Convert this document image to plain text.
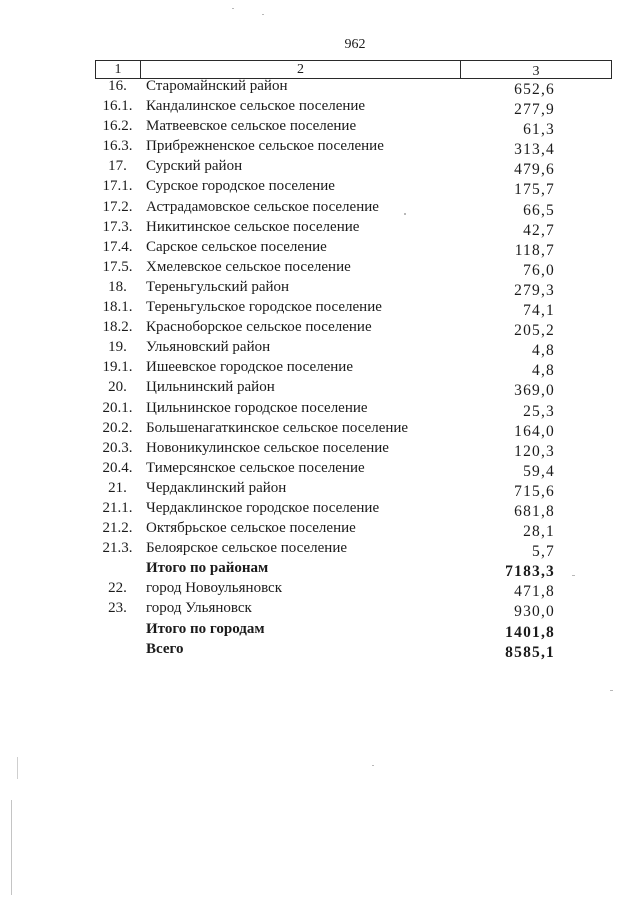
962
1	2	3
16.	Старомайнский район	652,6
16.1. Кандалинское сельское поселение	277,9
16.2. Матвеевское сельское поселение	61,3
16.3. Прибрежненское сельское поселение	313,4
17.	Сурский район	479,6
17.1. Сурское городское поселение	175,7
17.2. Астрадамовское сельское поселение	66,5
17.3. Никитинское сельское поселение	42,7
17.4. Сарское сельское поселение	118,7
17.5. Хмелевское сельское поселение	76,0
18.	Тереньгульский район	279,3
18.1. Тереньгульское городское поселение	74,1
18.2. Красноборское сельское поселение	205,2
19.	Ульяновский район	4,8
19.1. Ишеевское городское поселение	4,8
20.	Цильнинский район	369,0
20.1. Цильнинское городское поселение	25,3
20.2. Большенагаткинское сельское поселение	164,0
20.3. Новоникулинское сельское поселение	120,3
20.4. Тимерсянское сельское поселение	59,4
21.	Чердаклинский район	715,6
21.1. Чердаклинское городское поселение	681,8
21.2. Октябрьское сельское поселение	28,1
21.3. Белоярское сельское поселение	5,7
Итого по районам	7183,3
22.	город Новоульяновск	471,8
23.	город Ульяновск	930,0
Итого по городам	1401,8
Всего	8585,1
